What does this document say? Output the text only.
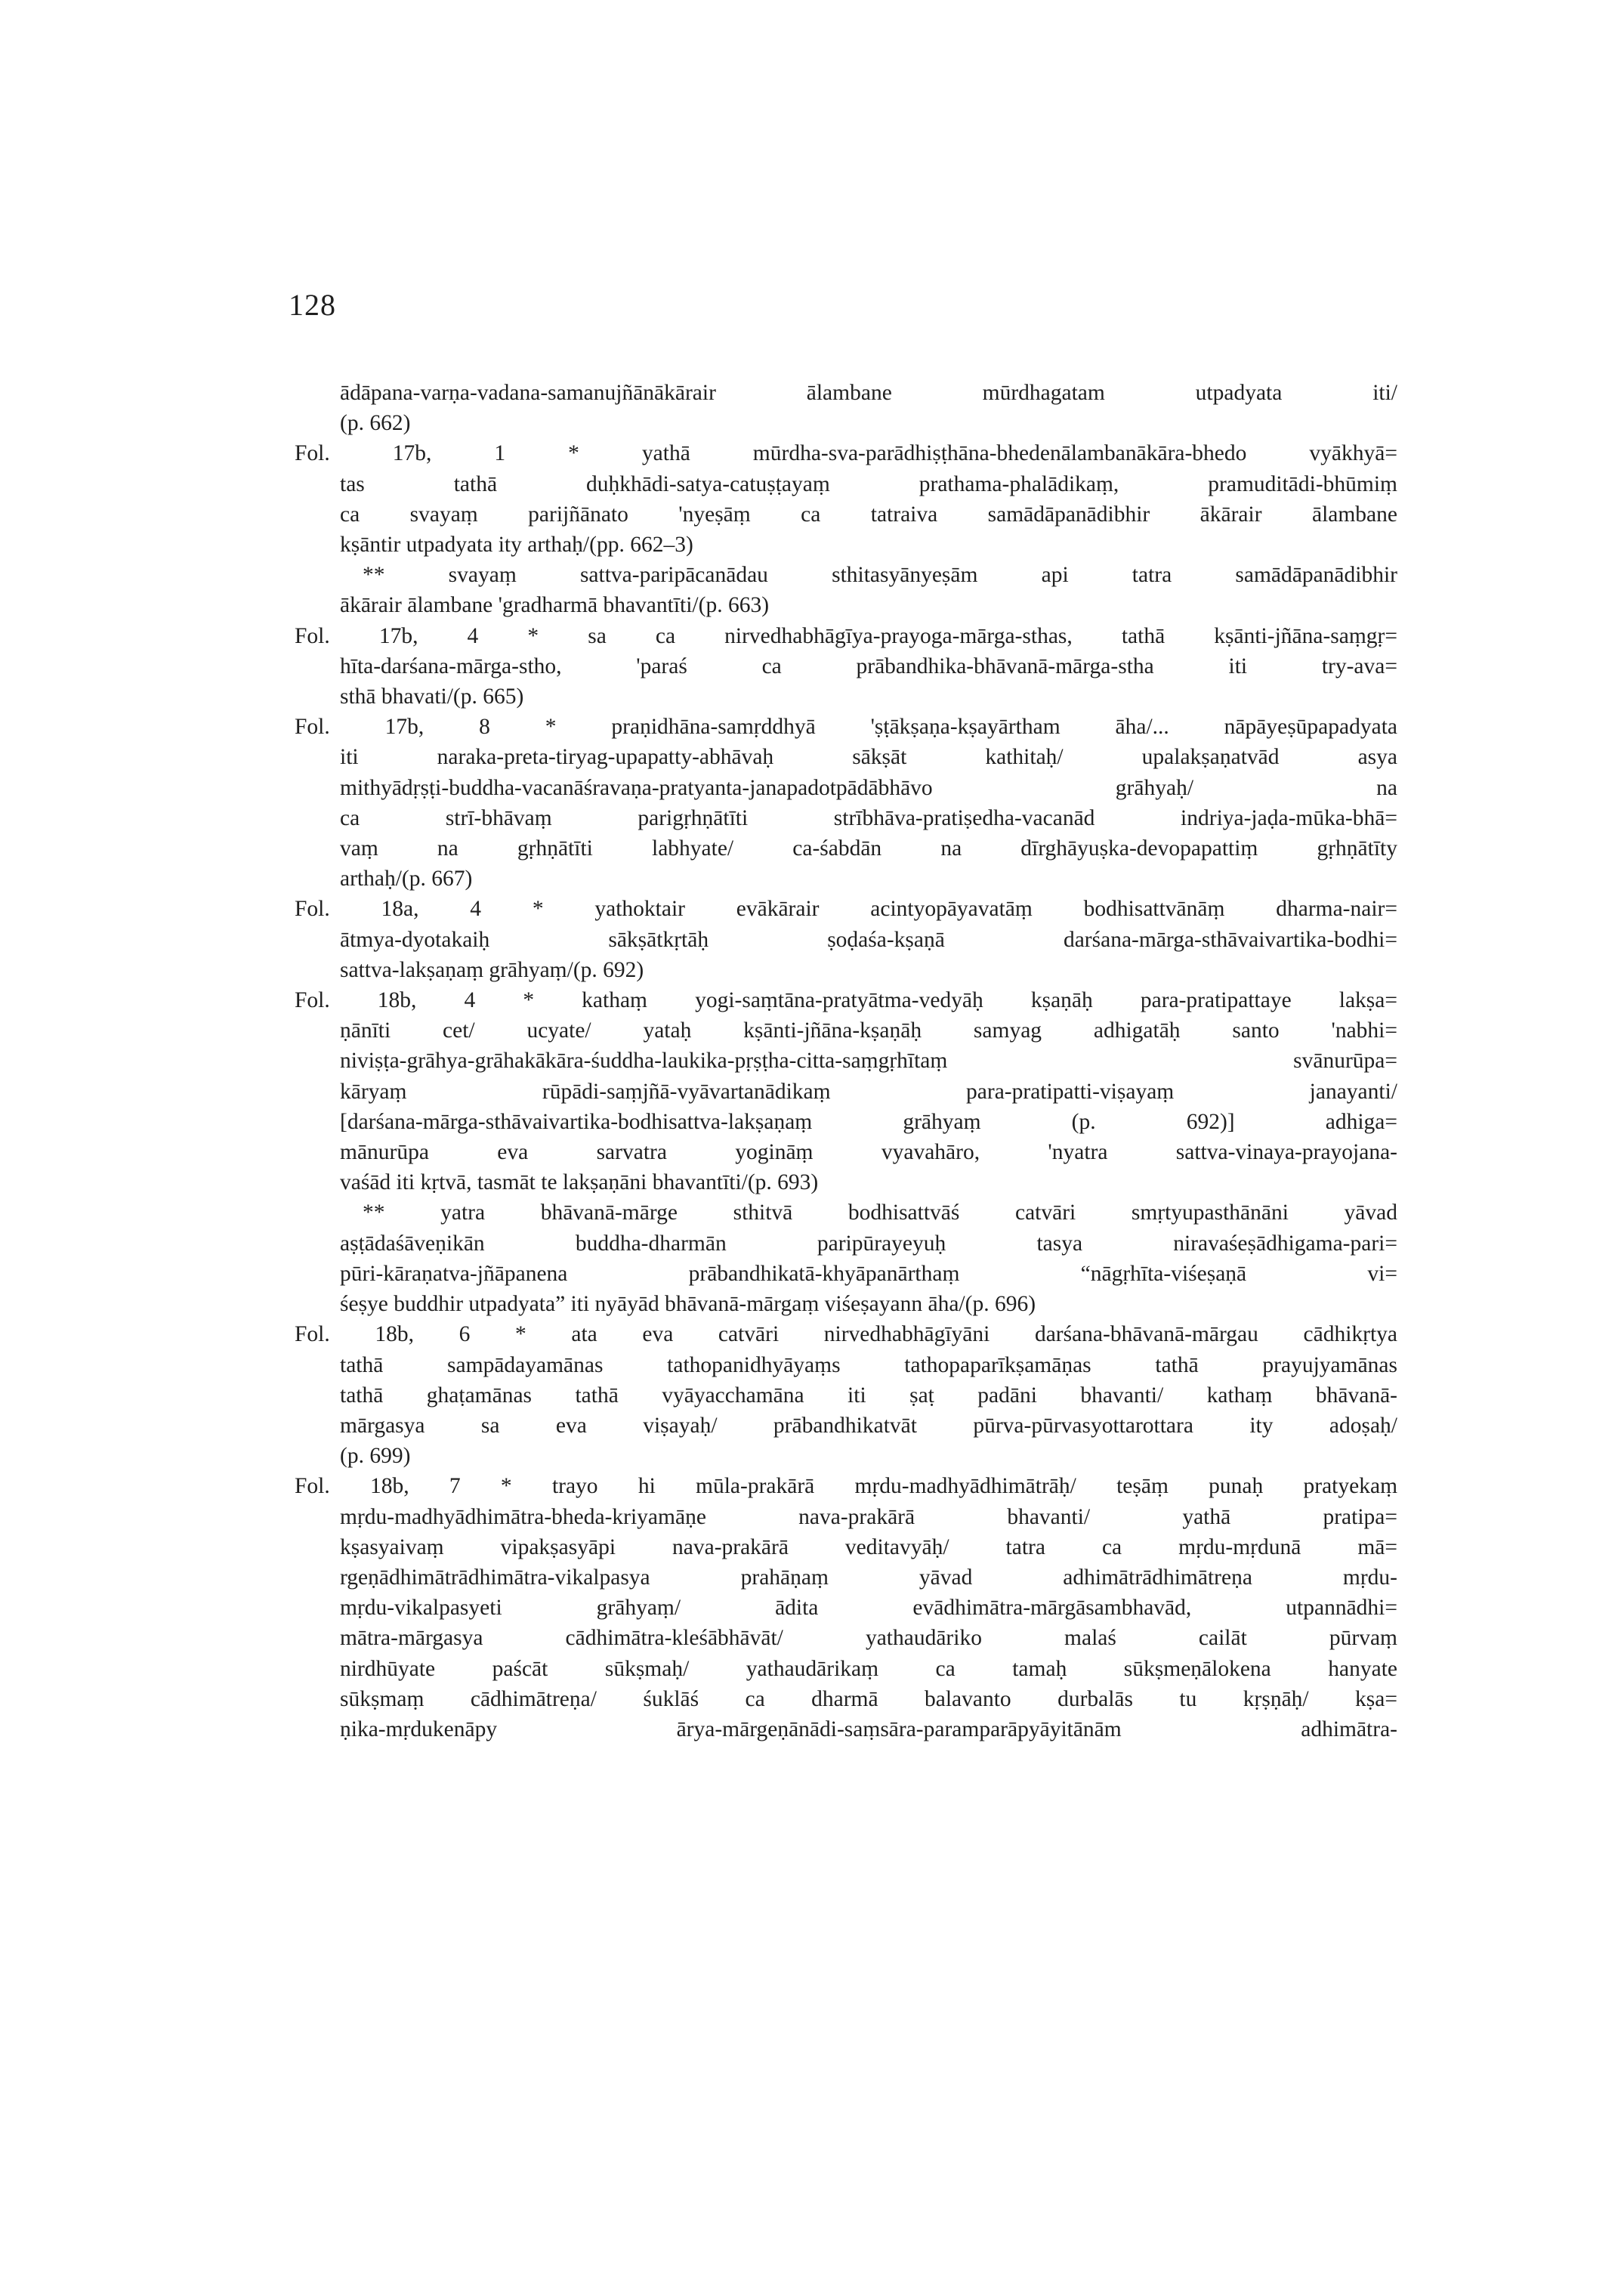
128

ādāpana-varṇa-vadana-samanujñānākārair ālambane mūrdhagatam utpadyata iti/
(p. 662)

Fol. 17b, 1	* yathā mūrdha-sva-parādhiṣṭhāna-bhedenālambanākāra-bhedo vyākhyā=
tas tathā duḥkhādi-satya-catuṣṭayaṃ prathama-phalādikaṃ, pramuditādi-bhūmiṃ
ca svayaṃ parijñānato 'nyeṣāṃ ca tatraiva samādāpanādibhir ākārair ālambane
kṣāntir utpadyata ity arthaḥ/(pp. 662–3)
** svayaṃ sattva-paripācanādau sthitasyānyeṣām api tatra samādāpanādibhir
ākārair ālambane 'gradharmā bhavantīti/(p. 663)
Fol. 17b, 4 * sa ca nirvedhabhāgīya-prayoga-mārga-sthas, tathā kṣānti-jñāna-saṃgṛ=
hīta-darśana-mārga-stho, 'paraś ca prābandhika-bhāvanā-mārga-stha iti try-ava=
sthā bhavati/(p. 665)
Fol. 17b, 8 * praṇidhāna-samṛddhyā 'ṣṭākṣaṇa-kṣayārtham āha/... nāpāyeṣūpapadyata
iti naraka-preta-tiryag-upapatty-abhāvaḥ sākṣāt kathitaḥ/ upalakṣaṇatvād asya
mithyādṛṣṭi-buddha-vacanāśravaṇa-pratyanta-janapadotpādābhāvo grāhyaḥ/ na
ca strī-bhāvaṃ parigṛhṇātīti strībhāva-pratiṣedha-vacanād indriya-jaḍa-mūka-bhā=
vaṃ na gṛhṇātīti labhyate/ ca-śabdān na dīrghāyuṣka-devopapattiṃ gṛhṇātīty
arthaḥ/(p. 667)
Fol. 18a, 4 * yathoktair evākārair acintyopāyavatāṃ bodhisattvānāṃ dharma-nair=
ātmya-dyotakaiḥ sākṣātkṛtāḥ ṣoḍaśa-kṣaṇā darśana-mārga-sthāvaivartika-bodhi=
sattva-lakṣaṇaṃ grāhyaṃ/(p. 692)
Fol. 18b, 4 * kathaṃ yogi-saṃtāna-pratyātma-vedyāḥ kṣaṇāḥ para-pratipattaye lakṣa=
ṇānīti cet/ ucyate/ yataḥ kṣānti-jñāna-kṣaṇāḥ samyag adhigatāḥ santo 'nabhi=
niviṣṭa-grāhya-grāhakākāra-śuddha-laukika-pṛṣṭha-citta-saṃgṛhītaṃ svānurūpa=
kāryaṃ rūpādi-saṃjñā-vyāvartanādikaṃ para-pratipatti-viṣayaṃ janayanti/
[darśana-mārga-sthāvaivartika-bodhisattva-lakṣaṇaṃ grāhyaṃ (p. 692)] adhiga=
mānurūpa eva sarvatra yogināṃ vyavahāro, 'nyatra sattva-vinaya-prayojana-
vaśād iti kṛtvā, tasmāt te lakṣaṇāni bhavantīti/(p. 693)
** yatra bhāvanā-mārge sthitvā bodhisattvāś catvāri smṛtyupasthānāni yāvad
aṣṭādaśāveṇikān buddha-dharmān paripūrayeyuḥ tasya niravaśeṣādhigama-pari=
pūri-kāraṇatva-jñāpanena prābandhikatā-khyāpanārthaṃ “nāgṛhīta-viśeṣaṇā vi=
śeṣye buddhir utpadyata” iti nyāyād bhāvanā-mārgaṃ viśeṣayann āha/(p. 696)
Fol. 18b, 6 * ata eva catvāri nirvedhabhāgīyāni darśana-bhāvanā-mārgau cādhikṛtya
tathā sampādayamānas tathopanidhyāyaṃs tathopaparīkṣamāṇas tathā prayujyamānas
tathā ghaṭamānas tathā vyāyacchamāna iti ṣaṭ padāni bhavanti/ kathaṃ bhāvanā-
mārgasya sa eva viṣayaḥ/ prābandhikatvāt pūrva-pūrvasyottarottara ity adoṣaḥ/
(p. 699)
Fol. 18b, 7 * trayo hi mūla-prakārā mṛdu-madhyādhimātrāḥ/ teṣāṃ punaḥ pratyekaṃ
mṛdu-madhyādhimātra-bheda-kriyamāṇe nava-prakārā bhavanti/ yathā pratipa=
kṣasyaivaṃ vipakṣasyāpi nava-prakārā veditavyāḥ/ tatra ca mṛdu-mṛdunā mā=
rgeṇādhimātrādhimātra-vikalpasya prahāṇaṃ yāvad adhimātrādhimātreṇa mṛdu-
mṛdu-vikalpasyeti grāhyaṃ/ ādita evādhimātra-mārgāsambhavād, utpannādhi=
mātra-mārgasya cādhimātra-kleśābhāvāt/ yathaudāriko malaś cailāt pūrvaṃ
nirdhūyate paścāt sūkṣmaḥ/ yathaudārikaṃ ca tamaḥ sūkṣmeṇālokena hanyate
sūkṣmaṃ cādhimātreṇa/ śuklāś ca dharmā balavanto durbalās tu kṛṣṇāḥ/ kṣa=
ṇika-mṛdukenāpy ārya-mārgeṇānādi-saṃsāra-paramparāpyāyitānām adhimātra-
